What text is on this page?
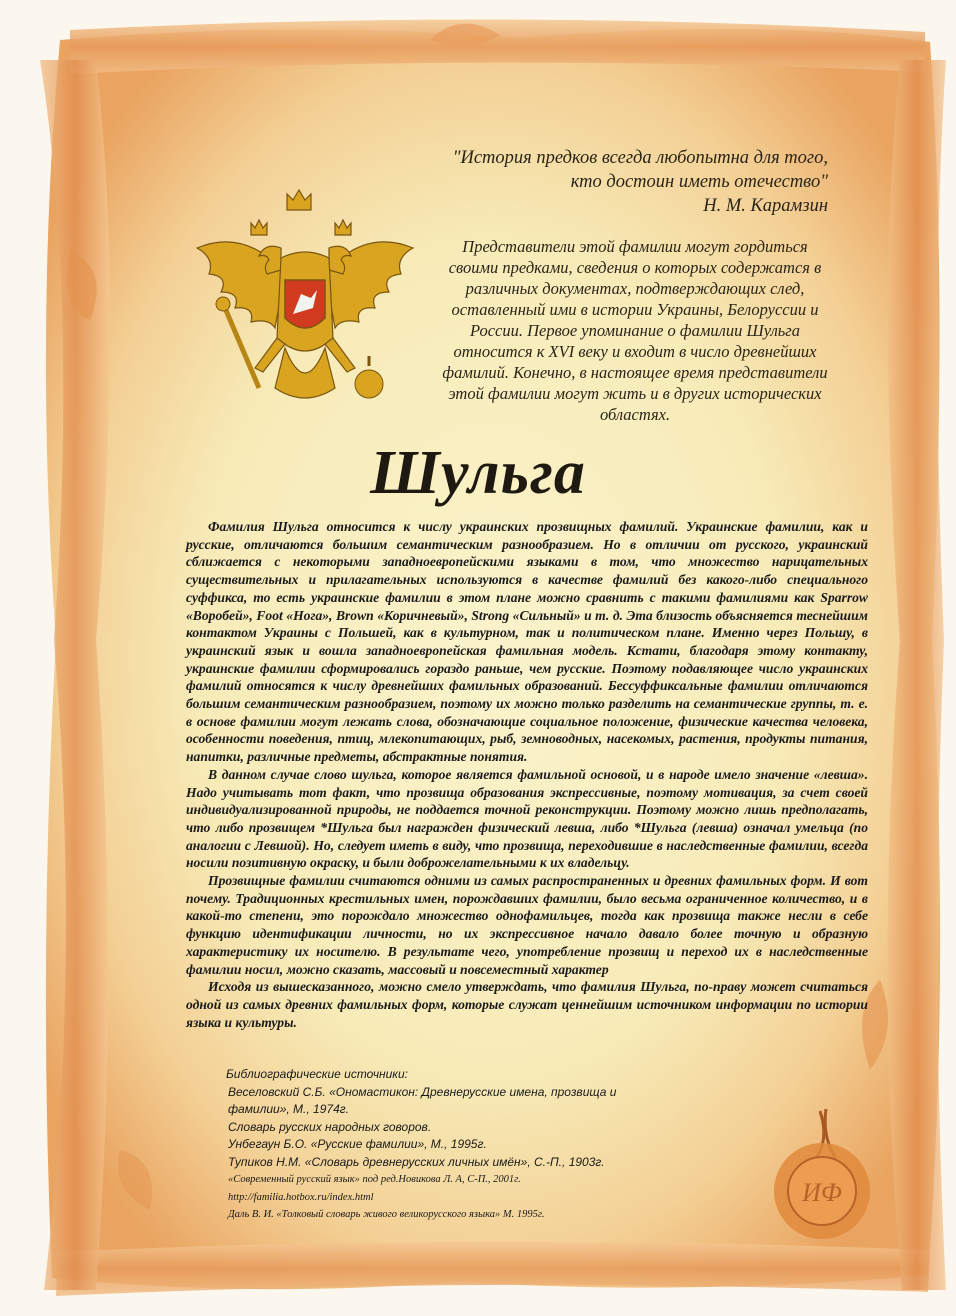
"История предков всегда любопытна для того,
кто достоин иметь отечество"
Н. М. Карамзин
Представители этой фамилии могут гордиться своими предками, сведения о которых содержатся в различных документах, подтверждающих след, оставленный ими в истории Украины, Белоруссии и России. Первое упоминание о фамилии Шульга относится к XVI веку и входит в число древнейших фамилий. Конечно, в настоящее время представители этой фамилии могут жить и в других исторических областях.
Шульга

Фамилия Шульга относится к числу украинских прозвищных фамилий. Украинские фамилии, как и русские, отличаются большим семантическим разнообразием. Но в отличии от русского, украинский сближается с некоторыми западноевропейскими языками в том, что множество нарицательных существительных и прилагательных используются в качестве фамилий без какого-либо специального суффикса, то есть украинские фамилии в этом плане можно сравнить с такими фамилиями как Sparrow «Воробей», Foot «Нога», Brown «Коричневый», Strong «Сильный» и т. д. Эта близость объясняется теснейшим контактом Украины с Польшей, как в культурном, так и политическом плане. Именно через Польшу, в украинский язык и вошла западноевропейская фамильная модель. Кстати, благодаря этому контакту, украинские фамилии сформировались гораздо раньше, чем русские. Поэтому подавляющее число украинских фамилий относятся к числу древнейших фамильных образований. Бессуффиксальные фамилии отличаются большим семантическим разнообразием, поэтому их можно только разделить на семантические группы, т. е. в основе фамилии могут лежать слова, обозначающие социальное положение, физические качества человека, особенности поведения, птиц, млекопитающих, рыб, земноводных, насекомых, растения, продукты питания, напитки, различные предметы, абстрактные понятия.

В данном случае слово шульга, которое является фамильной основой, и в народе имело значение «левша». Надо учитывать тот факт, что прозвища образования экспрессивные, поэтому мотивация, за счет своей индивидуализированной природы, не поддается точной реконструкции. Поэтому можно лишь предполагать, что либо прозвищем *Шульга был награжден физический левша, либо *Шульга (левша) означал умельца (по аналогии с Левшой). Но, следует иметь в виду, что прозвища, переходившие в наследственные фамилии, всегда носили позитивную окраску, и были доброжелательными к их владельцу.

Прозвищные фамилии считаются одними из самых распространенных и древних фамильных форм. И вот почему. Традиционных крестильных имен, порождавших фамилии, было весьма ограниченное количество, и в какой-то степени, это порождало множество однофамильцев, тогда как прозвища также несли в себе функцию идентификации личности, но их экспрессивное начало давало более точную и образную характеристику их носителю. В результате чего, употребление прозвищ и переход их в наследственные фамилии носил, можно сказать, массовый и повсеместный характер

Исходя из вышесказанного, можно смело утверждать, что фамилия Шульга, по-праву может считаться одной из самых древних фамильных форм, которые служат ценнейшим источником информации по истории языка и культуры.

Библиографические источники:
Веселовский С.Б. «Ономастикон: Древнерусские имена, прозвища и
фамилии», М., 1974г.
Словарь русских народных говоров.
Унбегаун Б.О. «Русские фамилии», М., 1995г.
Тупиков Н.М. «Словарь древнерусских личных имён», С.-П., 1903г.
«Современный русский язык» под ред.Новикова Л. А, С-П., 2001г.
http://familia.hotbox.ru/index.html
Даль В. И. «Толковый словарь живого великорусского языка» М. 1995г.
ИФ
